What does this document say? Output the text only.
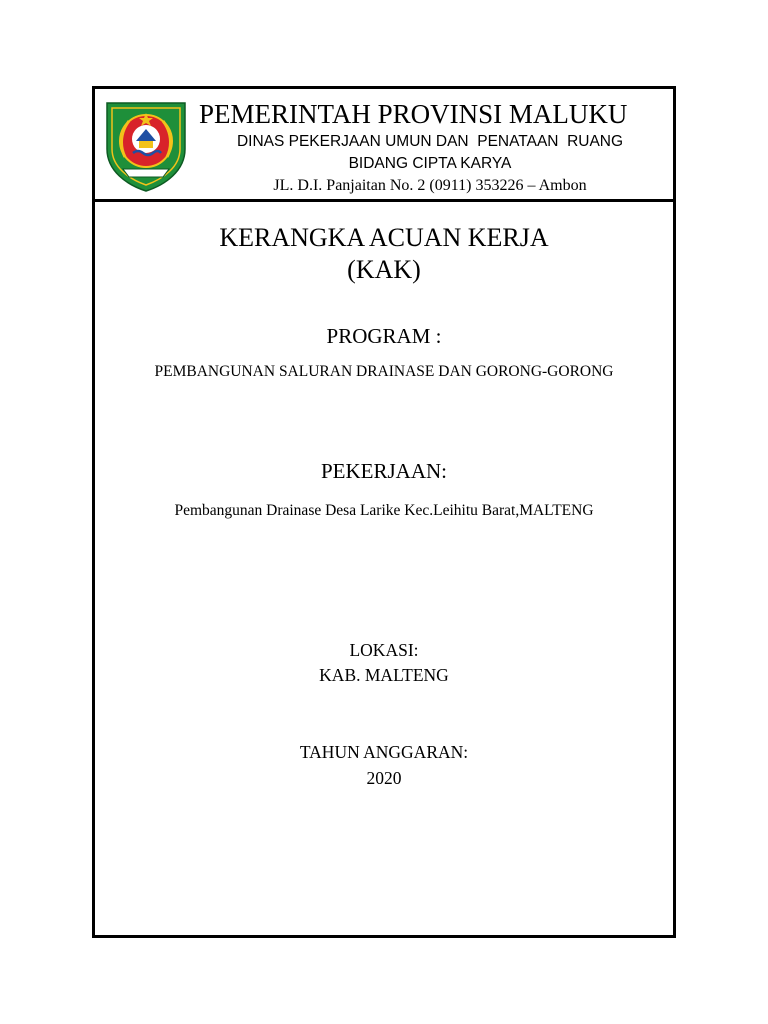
PEMERINTAH PROVINSI MALUKU
DINAS PEKERJAAN UMUN DAN  PENATAAN  RUANG
BIDANG CIPTA KARYA
JL. D.I. Panjaitan No. 2 (0911) 353226 – Ambon
KERANGKA ACUAN KERJA
(KAK)
PROGRAM :
PEMBANGUNAN SALURAN DRAINASE DAN GORONG-GORONG
PEKERJAAN:
Pembangunan Drainase Desa Larike Kec.Leihitu Barat,MALTENG
LOKASI:
KAB. MALTENG
TAHUN ANGGARAN:
2020
